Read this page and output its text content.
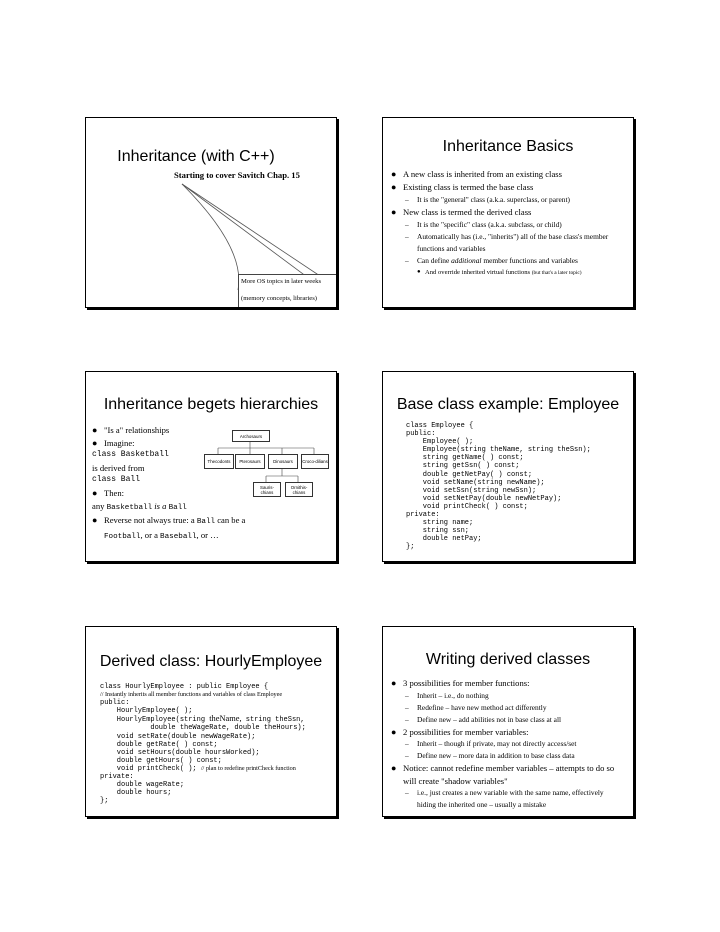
Inheritance (with C++)
Starting to cover Savitch Chap. 15
More OS topics in later weeks
(memory concepts, libraries)
Inheritance Basics
● A new class is inherited from an existing class
● Existing class is termed the base class
– It is the "general" class (a.k.a. superclass, or parent)
● New class is termed the derived class
– It is the "specific" class (a.k.a. subclass, or child)
– Automatically has (i.e., "inherits") all of the base class's member functions and variables
– Can define additional member functions and variables
● And override inherited virtual functions (but that's a later topic)
Inheritance begets hierarchies
● "Is a" relationships
● Imagine:
class Basketball
is derived from
class Ball
● Then:
any Basketball is a Ball
● Reverse not always true: a Ball can be a
Football, or a Baseball, or …
Archosaurs
Thecodonts	Pterosaurs	Dinosaurs	Croco-dilians
Sauris-chians
Ornithis-chians
Base class example: Employee
class Employee {
public:
Employee( );
Employee(string theName, string theSsn);
string getName( ) const;
string getSsn( ) const;
double getNetPay( ) const;
void setName(string newName);
void setSsn(string newSsn);
void setNetPay(double newNetPay);
void printCheck( ) const;
private:
string name;
string ssn;
double netPay;
};
Derived class: HourlyEmployee
class HourlyEmployee : public Employee {
// Instantly inherits all member functions and variables of class Employee
public:
HourlyEmployee( );
HourlyEmployee(string theName, string theSsn,
double theWageRate, double theHours);
void setRate(double newWageRate);
double getRate( ) const;
void setHours(double hoursWorked);
double getHours( ) const;
void printCheck( ); // plan to redefine printCheck function
private:
double wageRate;
double hours;
};
Writing derived classes
● 3 possibilities for member functions:
– Inherit – i.e., do nothing
– Redefine – have new method act differently
– Define new – add abilities not in base class at all
● 2 possibilities for member variables:
– Inherit – though if private, may not directly access/set
– Define new – more data in addition to base class data
● Notice: cannot redefine member variables – attempts to do so will create "shadow variables"
– i.e., just creates a new variable with the same name, effectively hiding the inherited one – usually a mistake
